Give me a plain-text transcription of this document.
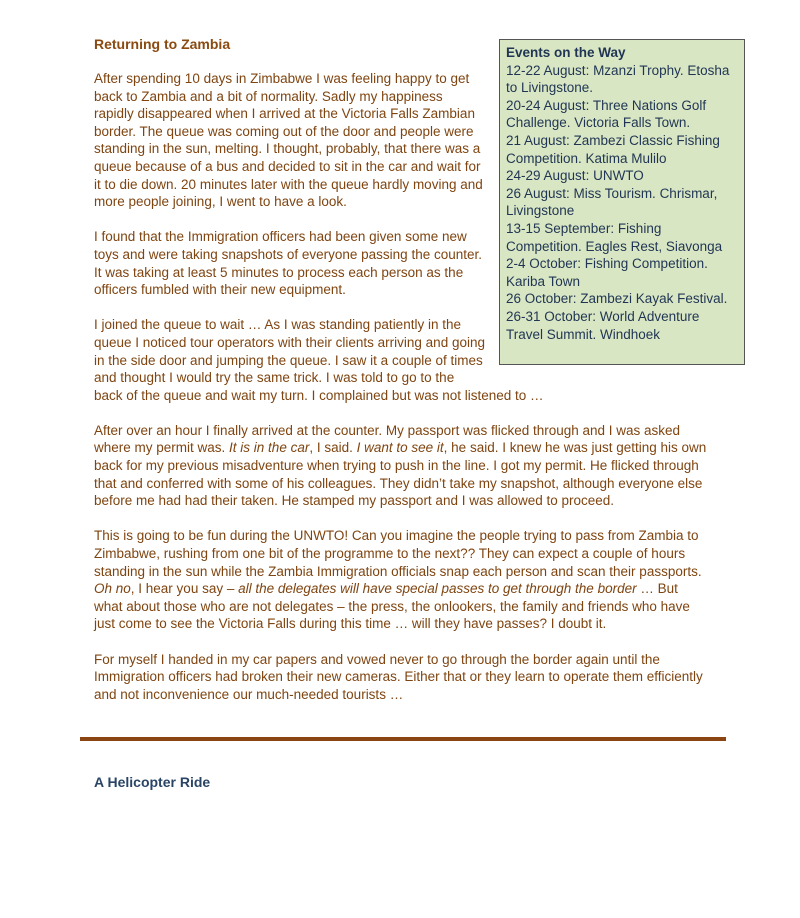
Returning to Zambia

Events on the Way

12-22 August: Mzanzi Trophy. Etosha to Livingstone.

20-24 August: Three Nations Golf Challenge. Victoria Falls Town.

21 August: Zambezi Classic Fishing Competition. Katima Mulilo

24-29 August: UNWTO

26 August: Miss Tourism. Chrismar, Livingstone

13-15 September: Fishing Competition. Eagles Rest, Siavonga

2-4 October: Fishing Competition. Kariba Town

26 October: Zambezi Kayak Festival.

26-31 October: World Adventure Travel Summit. Windhoek

After spending 10 days in Zimbabwe I was feeling happy to get back to Zambia and a bit of normality. Sadly my happiness rapidly disappeared when I arrived at the Victoria Falls Zambian border. The queue was coming out of the door and people were standing in the sun, melting. I thought, probably, that there was a queue because of a bus and decided to sit in the car and wait for it to die down. 20 minutes later with the queue hardly moving and more people joining, I went to have a look.

I found that the Immigration officers had been given some new toys and were taking snapshots of everyone passing the counter. It was taking at least 5 minutes to process each person as the officers fumbled with their new equipment.

I joined the queue to wait … As I was standing patiently in the queue I noticed tour operators with their clients arriving and going in the side door and jumping the queue. I saw it a couple of times and thought I would try the same trick. I was told to go to the back of the queue and wait my turn. I complained but was not listened to …

After over an hour I finally arrived at the counter. My passport was flicked through and I was asked where my permit was. It is in the car, I said. I want to see it, he said. I knew he was just getting his own back for my previous misadventure when trying to push in the line. I got my permit. He flicked through that and conferred with some of his colleagues. They didn’t take my snapshot, although everyone else before me had had their taken. He stamped my passport and I was allowed to proceed.

This is going to be fun during the UNWTO! Can you imagine the people trying to pass from Zambia to Zimbabwe, rushing from one bit of the programme to the next?? They can expect a couple of hours standing in the sun while the Zambia Immigration officials snap each person and scan their passports. Oh no, I hear you say – all the delegates will have special passes to get through the border … But what about those who are not delegates – the press, the onlookers, the family and friends who have just come to see the Victoria Falls during this time … will they have passes? I doubt it.

For myself I handed in my car papers and vowed never to go through the border again until the Immigration officers had broken their new cameras. Either that or they learn to operate them efficiently and not inconvenience our much-needed tourists …

A Helicopter Ride
